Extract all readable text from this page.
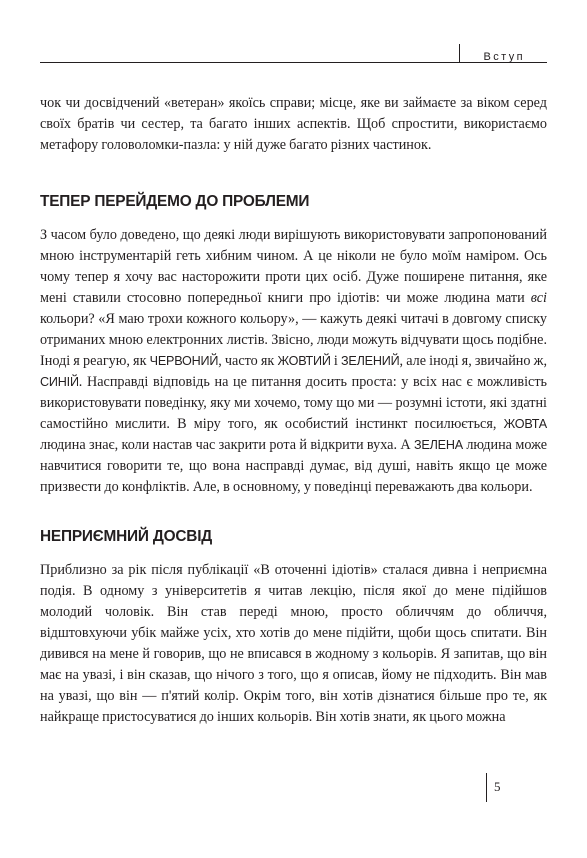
Вступ

чок чи досвідчений «ветеран» якоїсь справи; місце, яке ви займаєте за віком серед своїх братів чи сестер, та багато інших аспектів. Щоб спростити, використаємо метафору головоломки-пазла: у ній дуже багато різних частинок.

ТЕПЕР ПЕРЕЙДЕМО ДО ПРОБЛЕМИ

З часом було доведено, що деякі люди вирішують використовувати запропонований мною інструментарій геть хибним чином. А це ніколи не було моїм наміром. Ось чому тепер я хочу вас насторожити проти цих осіб. Дуже поширене питання, яке мені ставили стосовно попередньої книги про ідіотів: чи може людина мати всі кольори? «Я маю трохи кожного кольору», — кажуть деякі читачі в довгому списку отриманих мною електронних листів. Звісно, люди можуть відчувати щось подібне. Іноді я реагую, як ЧЕРВОНИЙ, часто як ЖОВТИЙ і ЗЕЛЕНИЙ, але іноді я, звичайно ж, СИНІЙ. Насправді відповідь на це питання досить проста: у всіх нас є можливість використовувати поведінку, яку ми хочемо, тому що ми — розумні істоти, які здатні самостійно мислити. В міру того, як особистий інстинкт посилюється, ЖОВТА людина знає, коли настав час закрити рота й відкрити вуха. А ЗЕЛЕНА людина може навчитися говорити те, що вона насправді думає, від душі, навіть якщо це може призвести до конфліктів. Але, в основному, у поведінці переважають два кольори.

НЕПРИЄМНИЙ ДОСВІД

Приблизно за рік після публікації «В оточенні ідіотів» сталася дивна і неприємна подія. В одному з університетів я читав лекцію, після якої до мене підійшов молодий чоловік. Він став переді мною, просто обличчям до обличчя, відштовхуючи убік майже усіх, хто хотів до мене підійти, щоби щось спитати. Він дивився на мене й говорив, що не вписався в жодному з кольорів. Я запитав, що він має на увазі, і він сказав, що нічого з того, що я описав, йому не підходить. Він мав на увазі, що він — п'ятий колір. Окрім того, він хотів дізнатися більше про те, як найкраще пристосуватися до інших кольорів. Він хотів знати, як цього можна

5
